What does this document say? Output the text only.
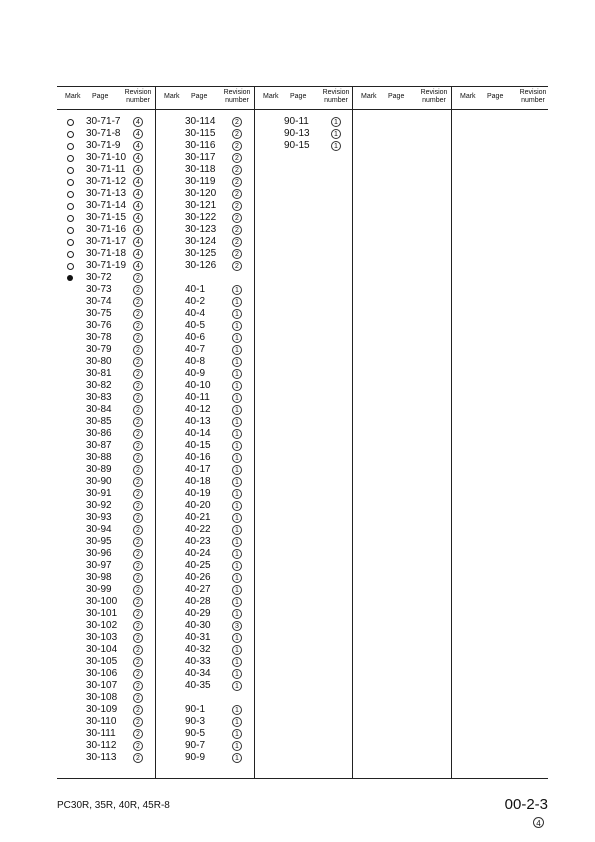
Mark Page
Revision
number
30-71-7	4
30-71-8	4
30-71-9	4
30-71-10	4
30-71-11	4
30-71-12	4
30-71-13	4
30-71-14	4
30-71-15	4
30-71-16	4
30-71-17	4
30-71-18	4
30-71-19	4
30-72	2
30-73	2
30-74	2
30-75	2
30-76	2
30-78	2
30-79	2
30-80	2
30-81	2
30-82	2
30-83	2
30-84	2
30-85	2
30-86	2
30-87	2
30-88	2
30-89	2
30-90	2
30-91	2
30-92	2
30-93	2
30-94	2
30-95	2
30-96	2
30-97	2
30-98	2
30-99	2
30-100	2
30-101	2
30-102	2
30-103	2
30-104	2
30-105	2
30-106	2
30-107	2
30-108	2
30-109	2
30-110	2
30-111	2
30-112	2
30-113	2
Mark Page
Revision
number
30-114	2
30-115	2
30-116	2
30-117	2
30-118	2
30-119	2
30-120	2
30-121	2
30-122	2
30-123	2
30-124	2
30-125	2
30-126	2
40-1	1
40-2	1
40-4	1
40-5	1
40-6	1
40-7	1
40-8	1
40-9	1
40-10	1
40-11	1
40-12	1
40-13	1
40-14	1
40-15	1
40-16	1
40-17	1
40-18	1
40-19	1
40-20	1
40-21	1
40-22	1
40-23	1
40-24	1
40-25	1
40-26	1
40-27	1
40-28	1
40-29	1
40-30	3
40-31	1
40-32	1
40-33	1
40-34	1
40-35	1
90-1	1
90-3	1
90-5	1
90-7	1
90-9	1
Mark Page
Revision
number
90-11	1
90-13	1
90-15	1
Mark Page
Revision
number
Mark Page
Revision
number
PC30R, 35R, 40R, 45R-8	00-2-3
4
